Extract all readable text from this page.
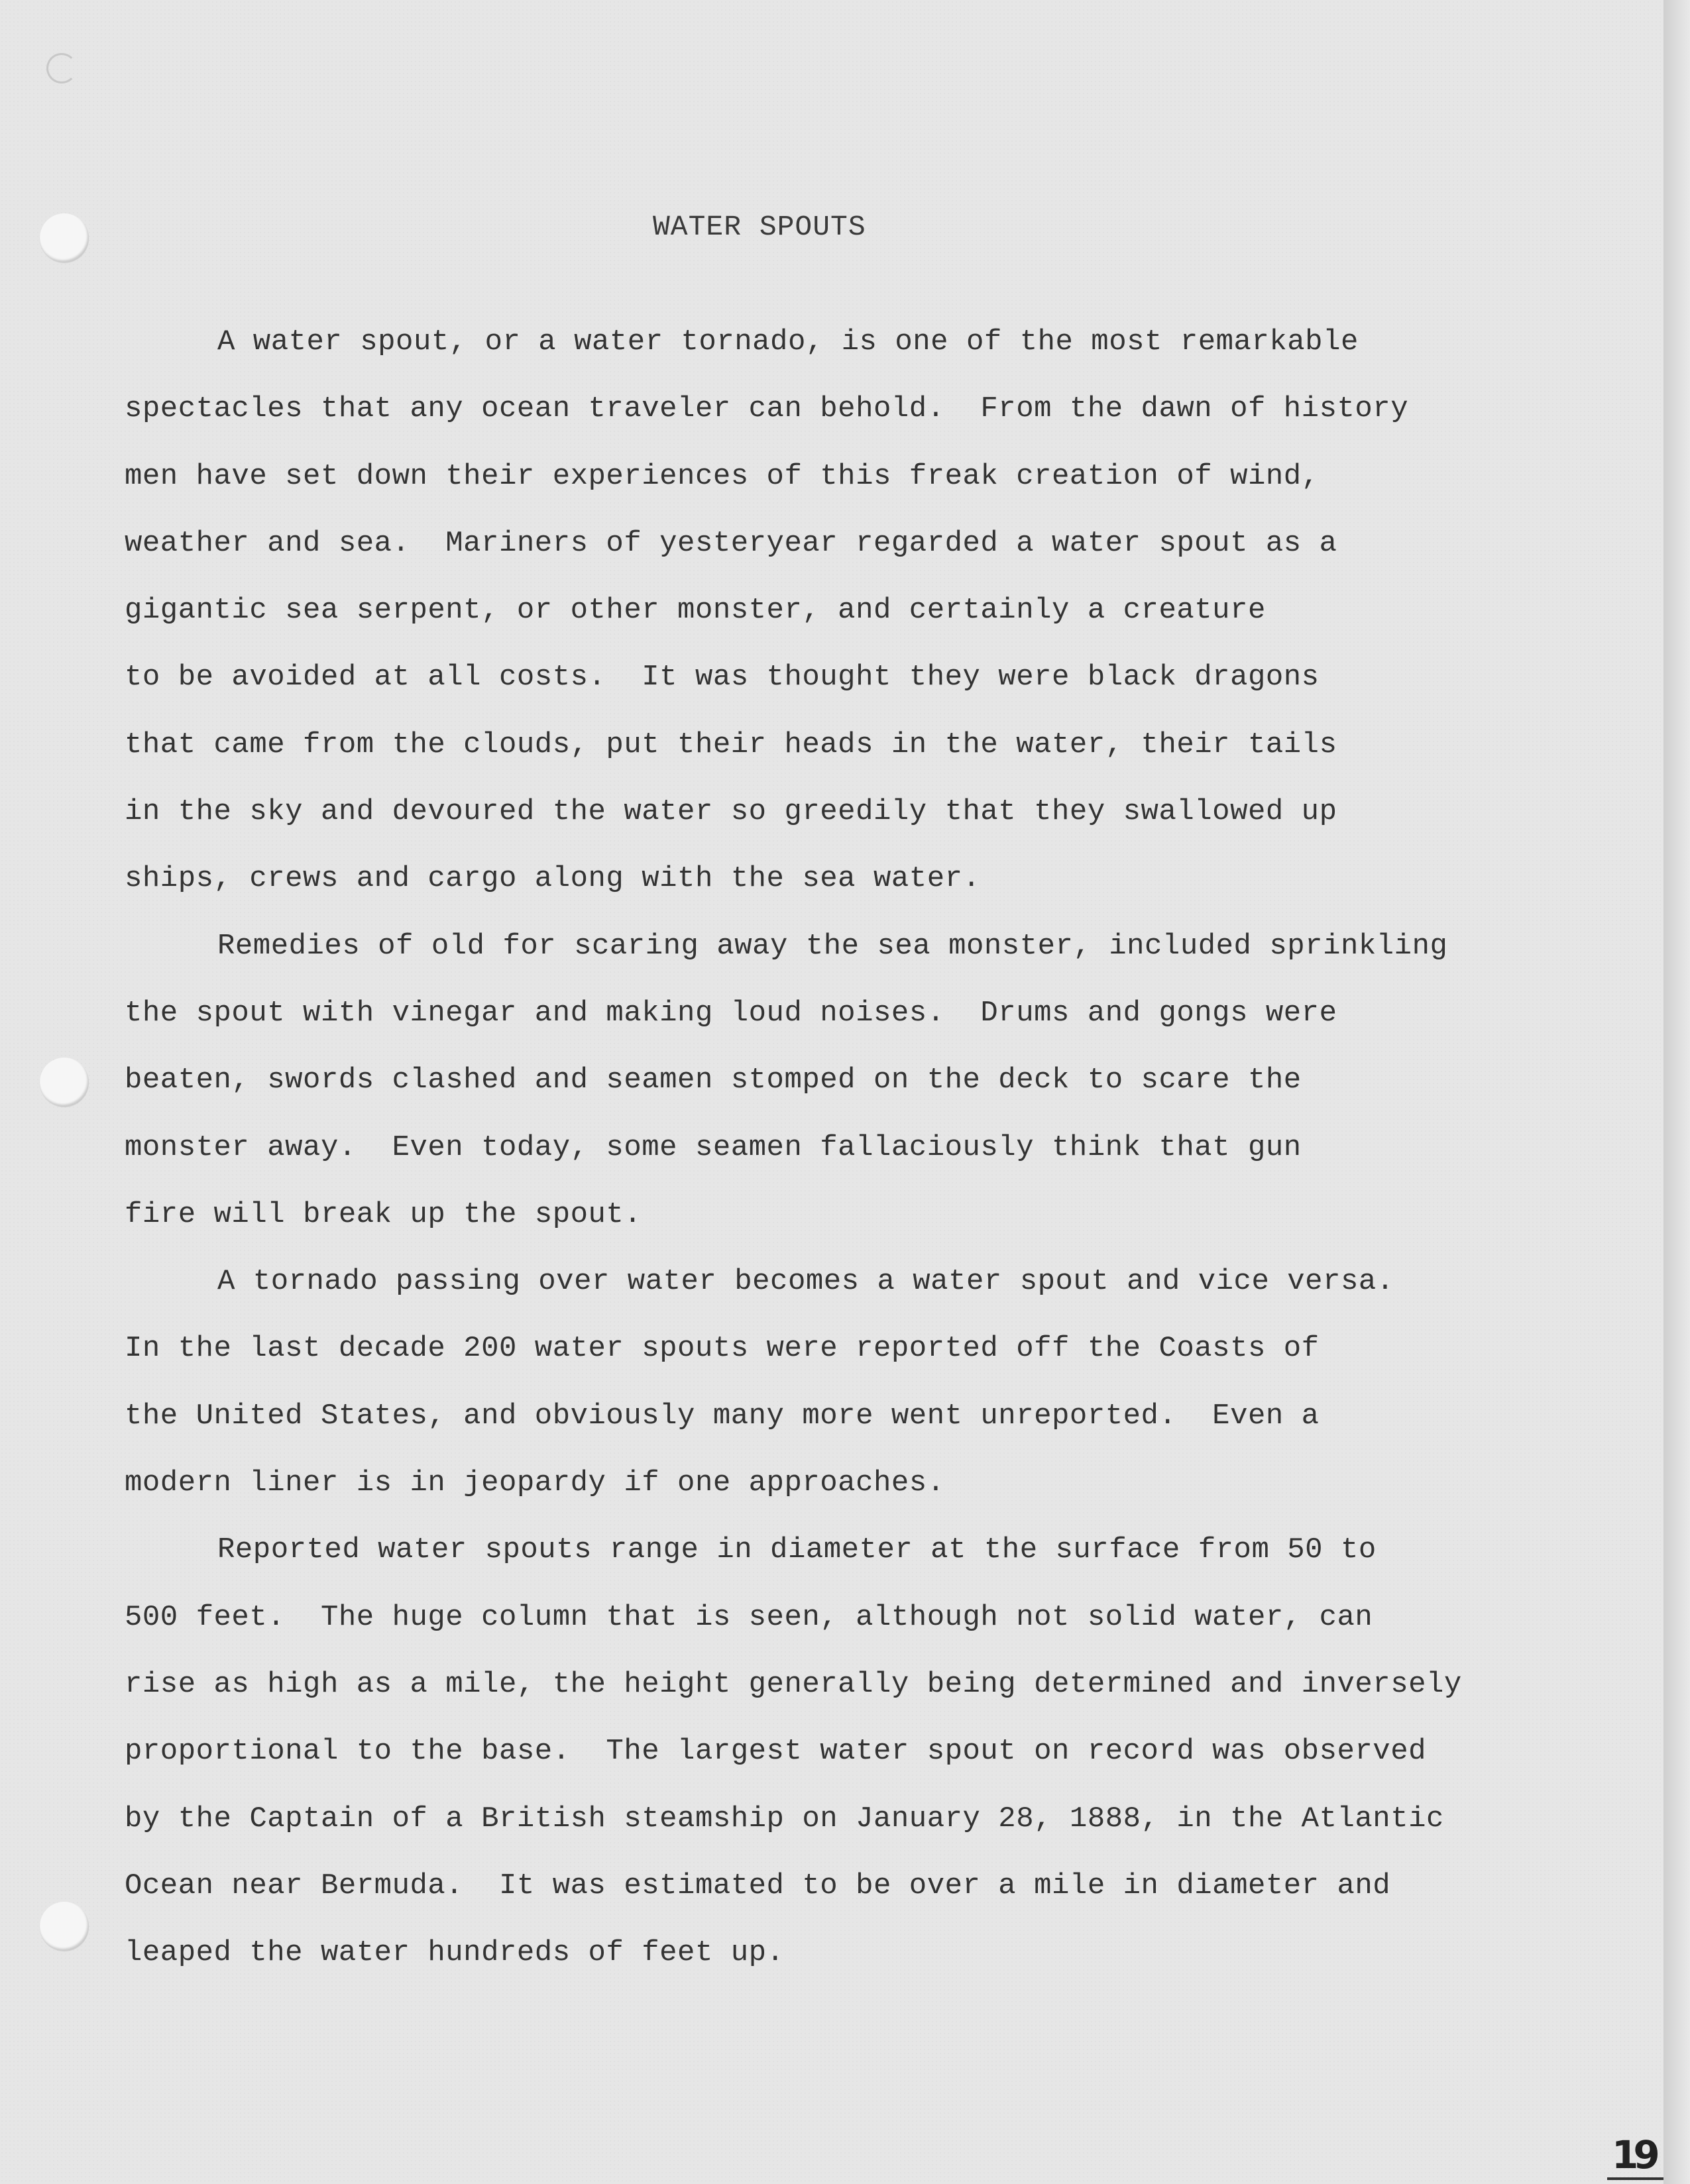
WATER SPOUTS
A water spout, or a water tornado, is one of the most remarkable
spectacles that any ocean traveler can behold.  From the dawn of history
men have set down their experiences of this freak creation of wind,
weather and sea.  Mariners of yesteryear regarded a water spout as a
gigantic sea serpent, or other monster, and certainly a creature
to be avoided at all costs.  It was thought they were black dragons
that came from the clouds, put their heads in the water, their tails
in the sky and devoured the water so greedily that they swallowed up
ships, crews and cargo along with the sea water.
Remedies of old for scaring away the sea monster, included sprinkling
the spout with vinegar and making loud noises.  Drums and gongs were
beaten, swords clashed and seamen stomped on the deck to scare the
monster away.  Even today, some seamen fallaciously think that gun
fire will break up the spout.
A tornado passing over water becomes a water spout and vice versa.
In the last decade 200 water spouts were reported off the Coasts of
the United States, and obviously many more went unreported.  Even a
modern liner is in jeopardy if one approaches.
Reported water spouts range in diameter at the surface from 50 to
500 feet.  The huge column that is seen, although not solid water, can
rise as high as a mile, the height generally being determined and inversely
proportional to the base.  The largest water spout on record was observed
by the Captain of a British steamship on January 28, 1888, in the Atlantic
Ocean near Bermuda.  It was estimated to be over a mile in diameter and
leaped the water hundreds of feet up.
19
